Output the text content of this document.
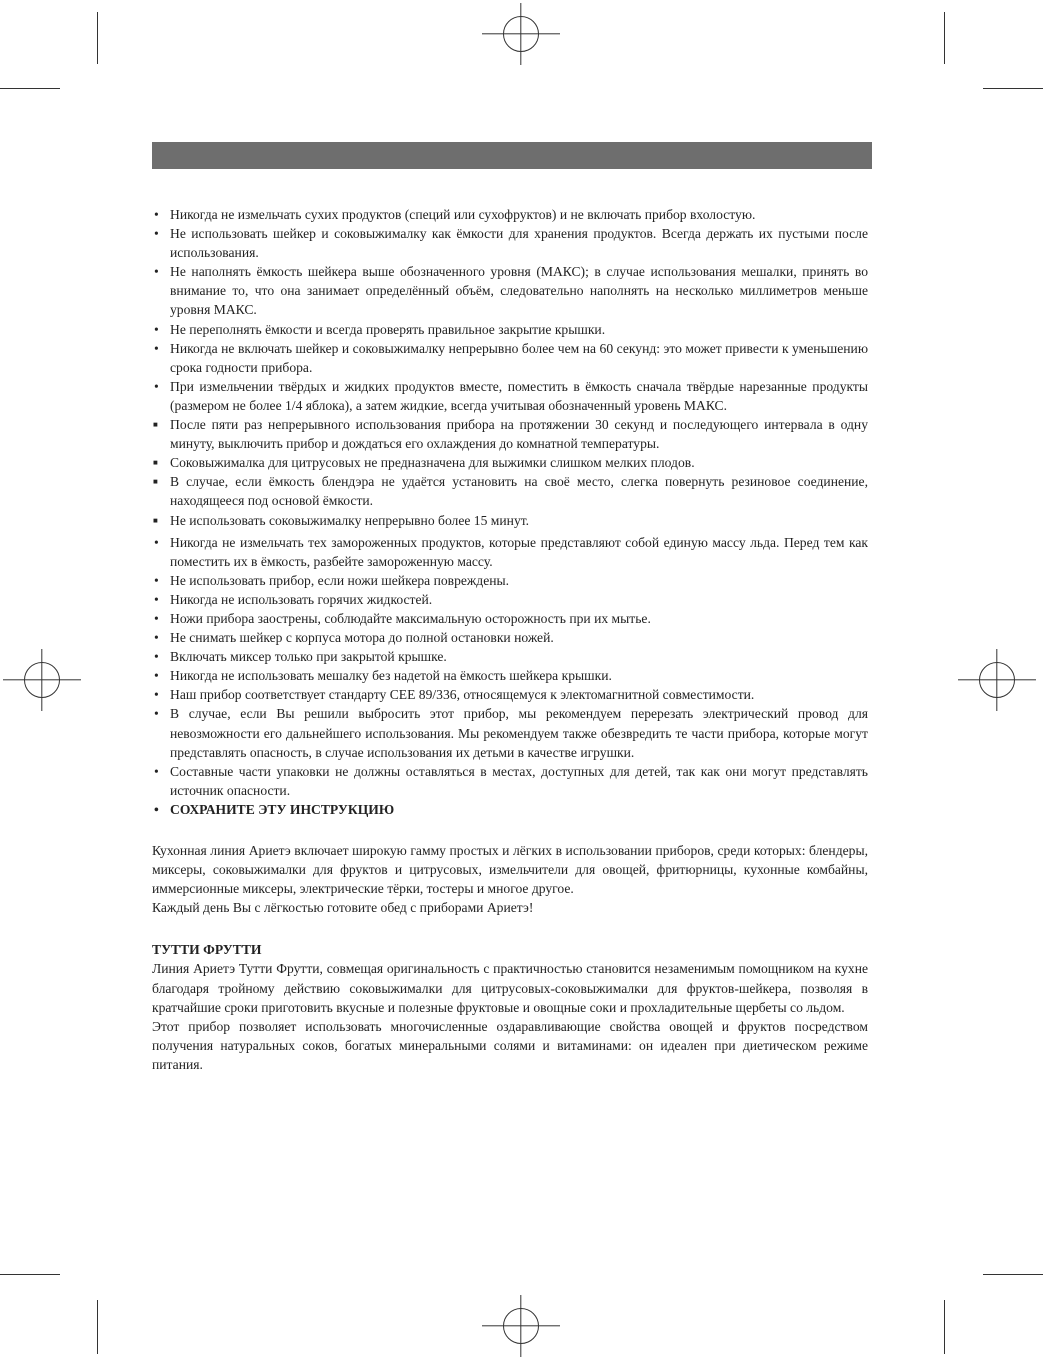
• Никогда не измельчать сухих продуктов (специй или сухофруктов) и не включать прибор вхолостую.
• Не использовать шейкер и соковыжималку как ёмкости для хранения продуктов. Всегда держать их пустыми после использования.
• Не наполнять ёмкость шейкера выше обозначенного уровня (МАКС); в случае использования мешалки, принять во внимание то, что она занимает определённый объём, следовательно наполнять на несколько миллиметров меньше уровня МАКС.
• Не переполнять ёмкости и всегда проверять правильное закрытие крышки.
• Никогда не включать шейкер и соковыжималку непрерывно более чем на 60 секунд: это может привести к уменьшению срока годности прибора.
• При измельчении твёрдых и жидких продуктов вместе, поместить в ёмкость сначала твёрдые нарезанные продукты (размером не более 1/4 яблока), а затем жидкие, всегда учитывая обозначенный уровень МАКС.
■ После пяти раз непрерывного использования прибора на протяжении 30 секунд и последующего интервала в одну минуту, выключить прибор и дождаться его охлаждения до комнатной температуры.
■ Соковыжималка для цитрусовых не предназначена для выжимки слишком мелких плодов.
■ В случае, если ёмкость блендэра не удаётся установить на своё место, слегка повернуть резиновое соединение, находящееся под основой ёмкости.
■ Не использовать соковыжималку непрерывно более 15 минут.
• Никогда не измельчать тех замороженных продуктов, которые представляют собой единую массу льда. Перед тем как поместить их в ёмкость, разбейте замороженную массу.
• Не использовать прибор, если ножи шейкера повреждены.
• Никогда не использовать горячих жидкостей.
• Ножи прибора заострены, соблюдайте максимальную осторожность при их мытье.
• Не снимать шейкер с корпуса мотора до полной остановки ножей.
• Включать миксер только при закрытой крышке.
• Никогда не использовать мешалку без надетой на ёмкость шейкера крышки.
• Наш прибор соответствует стандарту CEE 89/336, относящемуся к электомагнитной совместимости.
• В случае, если Вы решили выбросить этот прибор, мы рекомендуем перерезать электрический провод для невозможности его дальнейшего использования. Мы рекомендуем также обезвредить те части прибора, которые могут представлять опасность, в случае использования их детьми в качестве игрушки.
• Составные части упаковки не должны оставляться в местах, доступных для детей, так как они могут представлять источник опасности.
• СОХРАНИТЕ ЭТУ ИНСТРУКЦИЮ

Кухонная линия Ариетэ включает широкую гамму простых и лёгких в использовании приборов, среди которых: блендеры, миксеры, соковыжималки для фруктов и цитрусовых, измельчители для овощей, фритюрницы, кухонные комбайны, иммерсионные миксеры, электрические тёрки, тостеры и многое другое.

Каждый день Вы с лёгкостью готовите обед с приборами Ариетэ!

ТУТТИ ФРУТТИ

Линия Ариетэ Тутти Фрутти, совмещая оригинальность с практичностью становится незаменимым помощником на кухне благодаря тройному действию соковыжималки для цитрусовых-соковыжималки для фруктов-шейкера, позволяя в кратчайшие сроки приготовить вкусные и полезные фруктовые и овощные соки и прохладительные щербеты со льдом.

Этот прибор позволяет использовать многочисленные оздаравливающие свойства овощей и фруктов посредством получения натуральных соков, богатых минеральными солями и витаминами: он идеален при диетическом режиме питания.
